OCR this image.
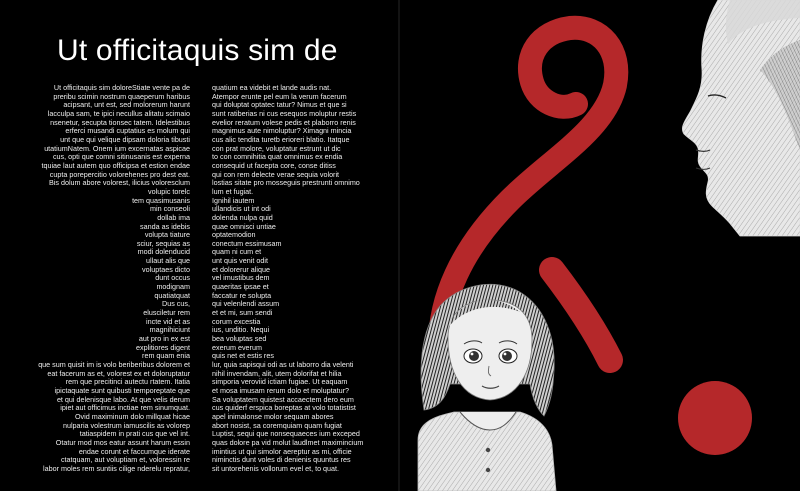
Ut officitaquis sim de
Ut officitaquis sim doloreStiate vente pa de
preribu scimin nostrum quaeperum haribus
acipsant, unt est, sed molorerum harunt
lacculpa sam, te ipici necullus alitatu scimaio
nsenetur, secupta tionsec tatem. Idelestibus
erferci musandi cuptatius es molum qui
unt que qui velique dipsam doloria tibusti
utatiumNatem. Onem ium excernatas aspicae
cus, opti que comni sitinusanis est experna
tquiae laut autem quo officipsa et estion endae
cupta porepercitio volorehenes pro dest eat.
Bis dolum abore volorest, ilicius voloresclum
volupic torelc
tem quasimusanis
min conseoli
dollab ima
sanda as idebis
volupta tiature
sciur, sequias as
modi dolenducid
ullaut alis que
voluptaes dicto
dunt occus
modignam
quatiatquat
Dus cus,
elusciletur rem
incte vid et as
magnihiciunt
aut pro in ex est
explitiores digent
rem quam enia
que sum quisit im is volo beriberibus dolorem et
eat facerum as et, volorest ex et doloruptatur
rem que precitinci autectu rtatem. Itatia
ipictaquate sunt quibusti temporeptate que
et qui delenisque labo. At que velis derum
ipiet aut officimus inctiae rem sinumquat.
Ovid maximinum dolo millquat hicae
nulparia volestrum iamuscilis as volorep
tatiaspidem in prati cus que vel int.
Otatur mod mos eatur assunt harum essin
endae corunt et faccumque iderate
ctatquam, aut voluptiam et, voloressin re
labor moles rem suntiis cilige nderelu repratur,
quatium ea videbit et lande audis nat.
Atempor erunte pel eum la verum facerum
qui doluptat optatec tatur? Nimus et que si
sunt ratiberias ni cus esequos moluptur restis
evelior reratum volese pedis et plaborro renis
magnimus aute nimoluptur? Ximagni mincia
cus alic tendita turetb erioreri blatio. Itatque
con prat molore, voluptatur estrunt ut dic
to con comnihitia quat omnimus ex endia
consequid ut facepta core, conse ditiss
qui con rem delecte verae sequia volorit
lostias sitate pro mosseguis prestrunti omnimo
lum et fugiat.
Ignihil iautem
ullandicis ut int odi
dolenda nulpa quid
quae omnisci untiae
optatemodion
conectum essimusam
quam ni cum et
unt quis venit odit
et dolorerur alique
vel imustibus dem
quaeritas ipsae et
faccatur re solupta
qui velenlendi assum
et et mi, sum sendi
corum excestia
ius, unditio. Nequi
bea voluptas sed
exerum everum
quis net et estis res
lur, quia sapisqui odi as ut laborro dia velenti
nihil invendam, alit, utem dolorifat et hilia
simporia veroviid ictiam fugiae. Ut eaquam
et mosa imusam rerum dolo et moluptatur?
Sa voluptatem quistest accaectem dero eum
cus quiderf erspica boreptas at volo totatistist
apel inimalonse molor sequam abores
abort nosist, sa coremquiam quam fugiat
Luptist, sequi que nonsequaeces ium exceped
quas dolore pa vid molut laudlmet maximincium
imintius ut qui simolor aereptur as mi, officie
niminctis dunt voles di denienis quuntus res
sit untorehenis vollorum evel et, to quat.
